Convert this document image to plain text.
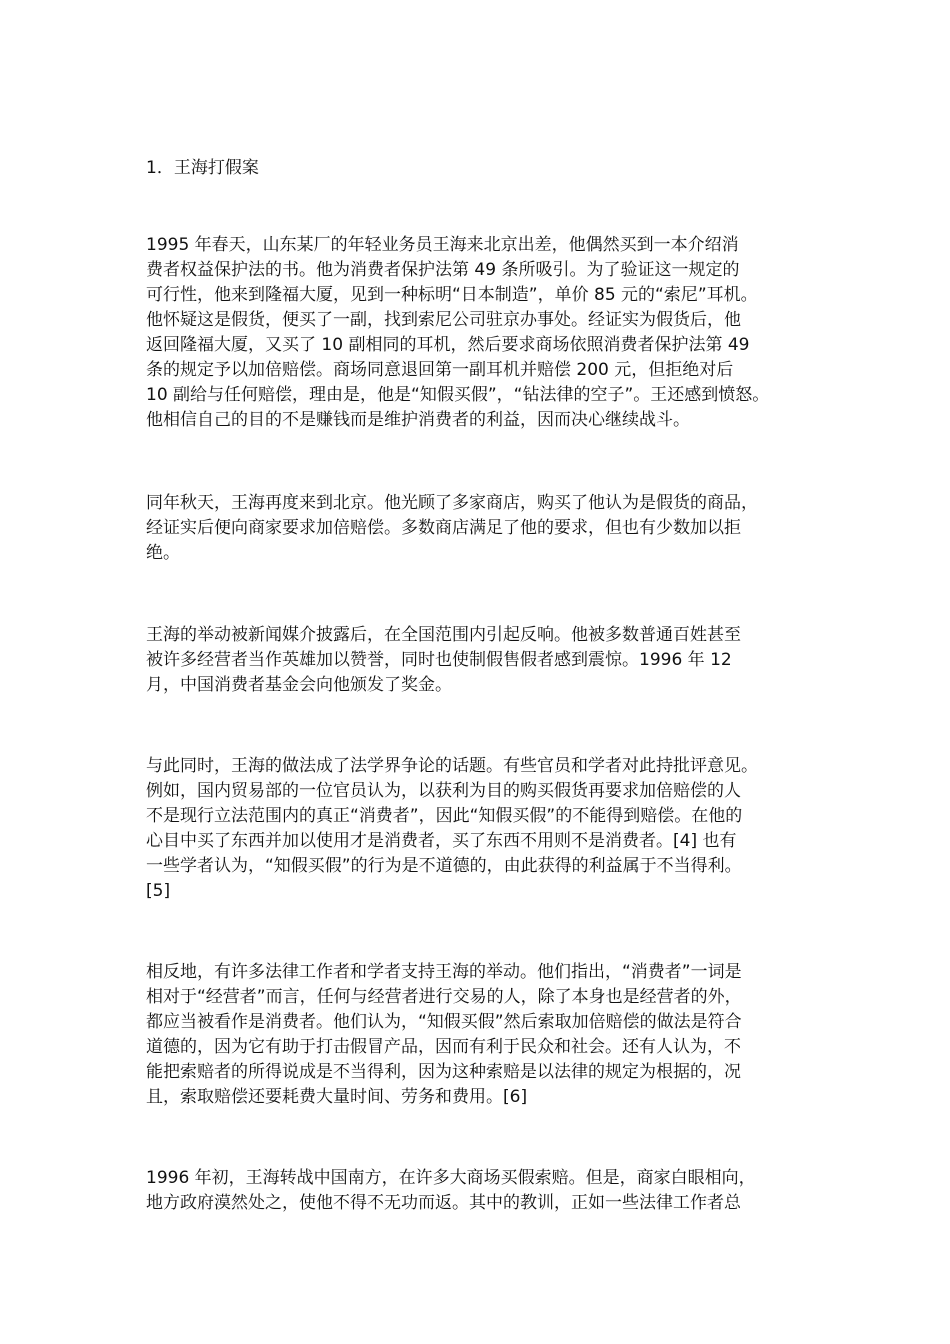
1．王海打假案
1995 年春天，山东某厂的年轻业务员王海来北京出差，他偶然买到一本介绍消
费者权益保护法的书。他为消费者保护法第 49 条所吸引。为了验证这一规定的
可行性，他来到隆福大厦，见到一种标明“日本制造”，单价 85 元的“索尼”耳机。
他怀疑这是假货，便买了一副，找到索尼公司驻京办事处。经证实为假货后，他
返回隆福大厦，又买了 10 副相同的耳机，然后要求商场依照消费者保护法第 49
条的规定予以加倍赔偿。商场同意退回第一副耳机并赔偿 200 元，但拒绝对后
10 副给与任何赔偿，理由是，他是“知假买假”，“钻法律的空子”。王还感到愤怒。
他相信自己的目的不是赚钱而是维护消费者的利益，因而决心继续战斗。
同年秋天，王海再度来到北京。他光顾了多家商店，购买了他认为是假货的商品，
经证实后便向商家要求加倍赔偿。多数商店满足了他的要求，但也有少数加以拒
绝。
王海的举动被新闻媒介披露后，在全国范围内引起反响。他被多数普通百姓甚至
被许多经营者当作英雄加以赞誉，同时也使制假售假者感到震惊。1996 年 12
月，中国消费者基金会向他颁发了奖金。
与此同时，王海的做法成了法学界争论的话题。有些官员和学者对此持批评意见。
例如，国内贸易部的一位官员认为，以获利为目的购买假货再要求加倍赔偿的人
不是现行立法范围内的真正“消费者”，因此“知假买假”的不能得到赔偿。在他的
心目中买了东西并加以使用才是消费者，买了东西不用则不是消费者。[4] 也有
一些学者认为，“知假买假”的行为是不道德的，由此获得的利益属于不当得利。
[5]
相反地，有许多法律工作者和学者支持王海的举动。他们指出，“消费者”一词是
相对于“经营者”而言，任何与经营者进行交易的人，除了本身也是经营者的外，
都应当被看作是消费者。他们认为，“知假买假”然后索取加倍赔偿的做法是符合
道德的，因为它有助于打击假冒产品，因而有利于民众和社会。还有人认为，不
能把索赔者的所得说成是不当得利，因为这种索赔是以法律的规定为根据的，况
且，索取赔偿还要耗费大量时间、劳务和费用。[6]
1996 年初，王海转战中国南方，在许多大商场买假索赔。但是，商家白眼相向，
地方政府漠然处之，使他不得不无功而返。其中的教训，正如一些法律工作者总
